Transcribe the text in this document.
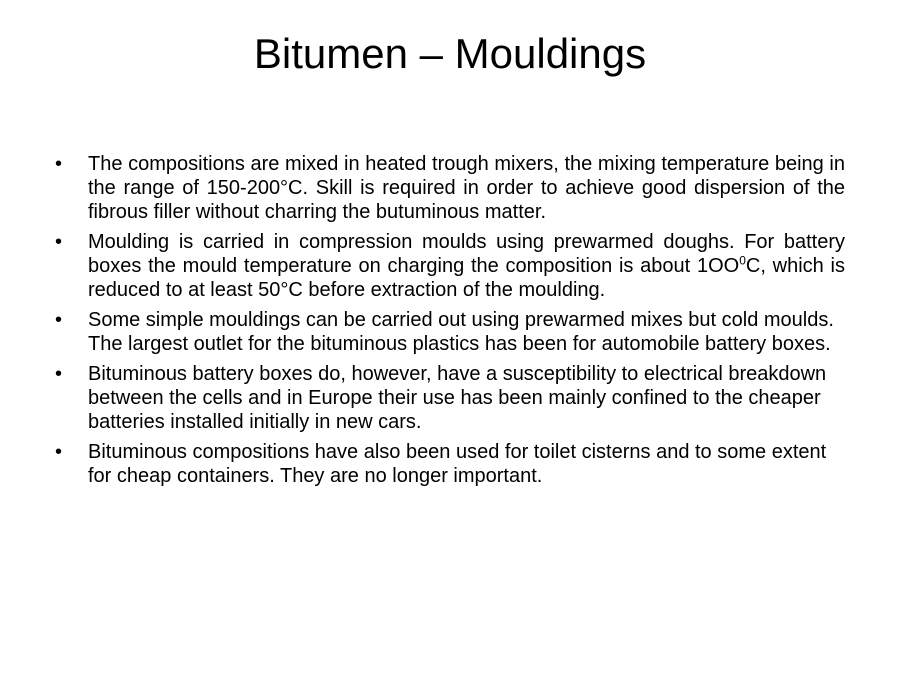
Bitumen – Mouldings
•	The compositions are mixed in heated trough mixers, the mixing temperature being in the range of 150-200°C. Skill is required in order to achieve good dispersion of the fibrous filler without charring the butuminous matter.
•	Moulding is carried in compression moulds using prewarmed doughs. For battery boxes the mould temperature on charging the composition is about $1OO^0C$, which is reduced to at least 50°C before extraction of the moulding.
•	Some simple mouldings can be carried out using prewarmed mixes but cold moulds. The largest outlet for the bituminous plastics has been for automobile battery boxes.
•	Bituminous battery boxes do, however, have a susceptibility to electrical breakdown between the cells and in Europe their use has been mainly confined to the cheaper batteries installed initially in new cars.
•	Bituminous compositions have also been used for toilet cisterns and to some extent for cheap containers. They are no longer important.
